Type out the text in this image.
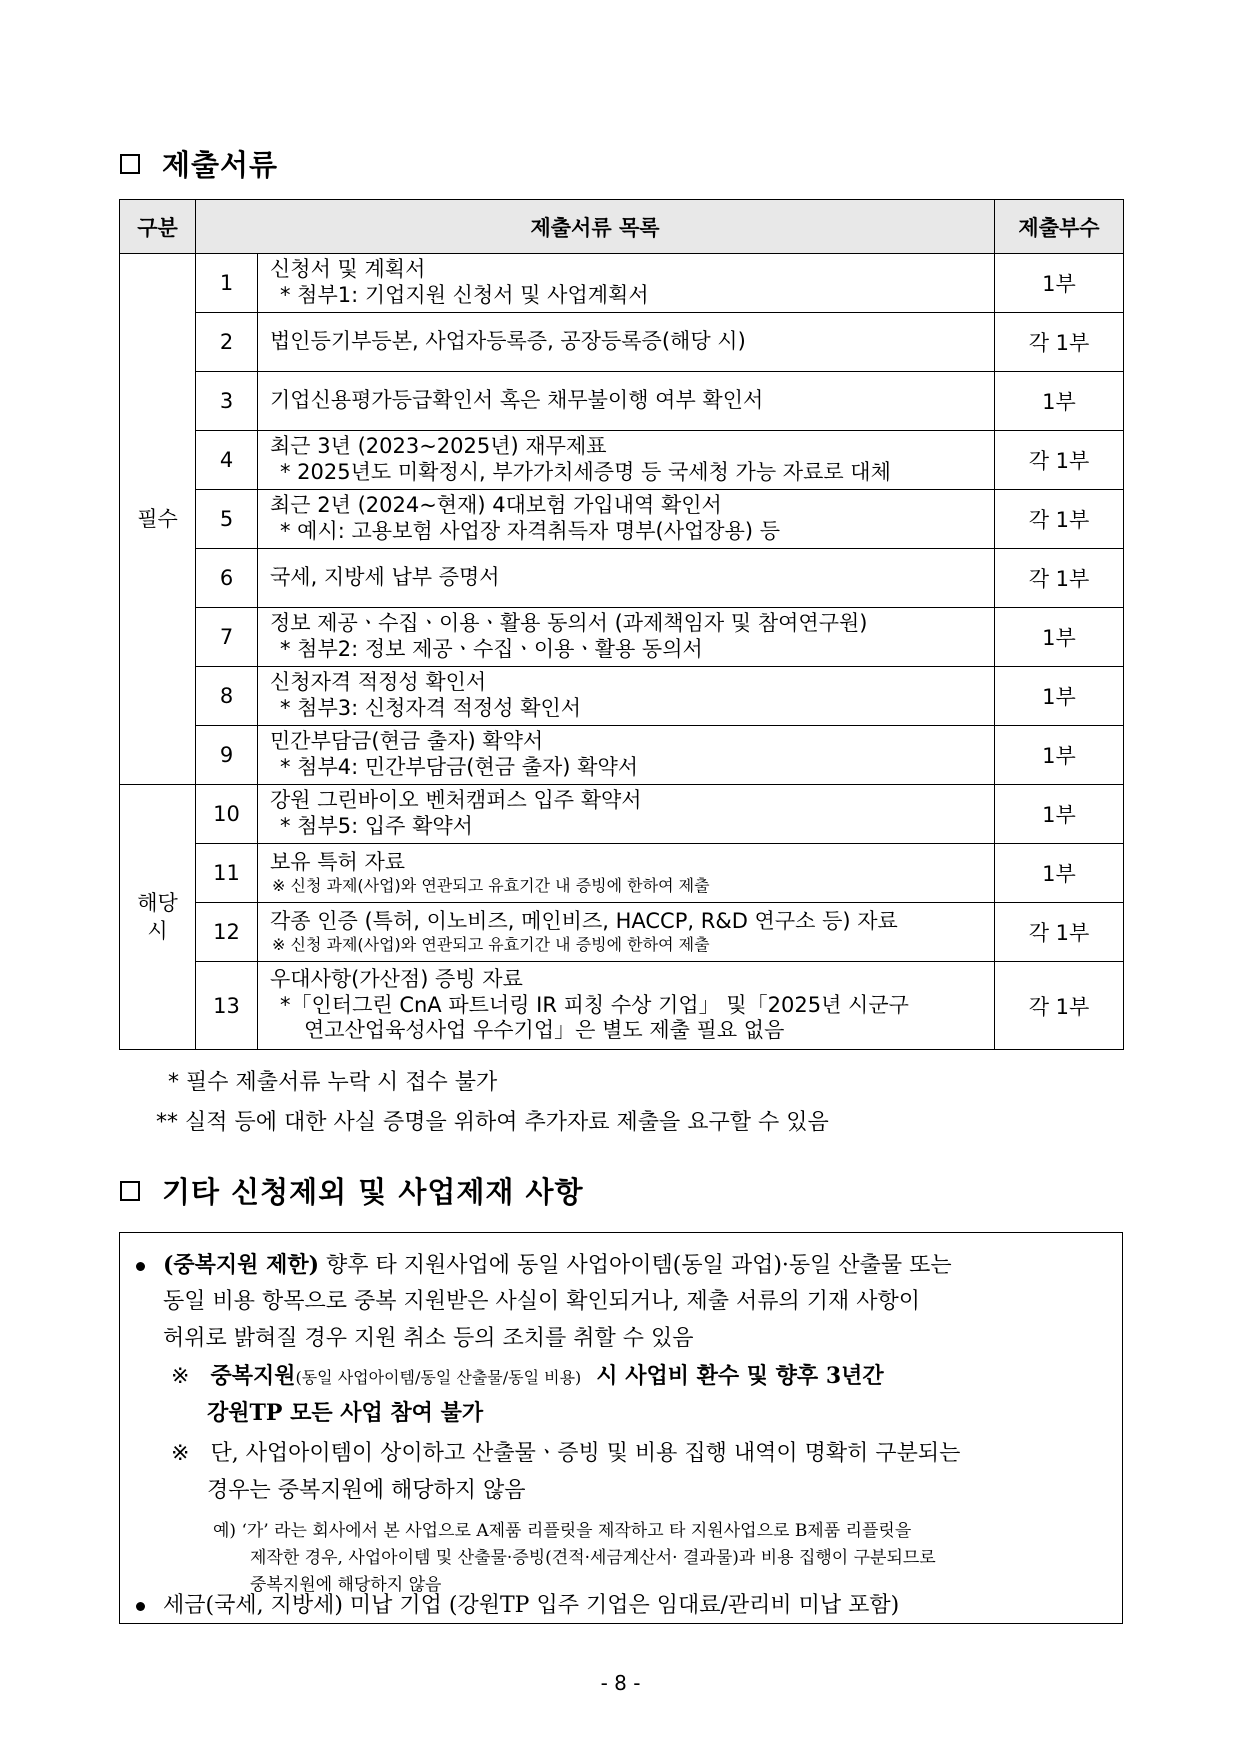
제출서류
구분	제출서류 목록		제출부수
필수	1	신청서 및 계획서
* 첨부1: 기업지원 신청서 및 사업계획서	1부
	2	법인등기부등본, 사업자등록증, 공장등록증(해당 시)	각 1부
	3	기업신용평가등급확인서 혹은 채무불이행 여부 확인서	1부
	4	최근 3년 (2023~2025년) 재무제표
* 2025년도 미확정시, 부가가치세증명 등 국세청 가능 자료로 대체	각 1부
	5	최근 2년 (2024~현재) 4대보험 가입내역 확인서
* 예시: 고용보험 사업장 자격취득자 명부(사업장용) 등	각 1부
	6	국세, 지방세 납부 증명서	각 1부
	7	정보 제공ㆍ수집ㆍ이용ㆍ활용 동의서 (과제책임자 및 참여연구원)
* 첨부2: 정보 제공ㆍ수집ㆍ이용ㆍ활용 동의서	1부
	8	신청자격 적정성 확인서
* 첨부3: 신청자격 적정성 확인서	1부
	9	민간부담금(현금 출자) 확약서
* 첨부4: 민간부담금(현금 출자) 확약서	1부
해당
시	10	강원 그린바이오 벤처캠퍼스 입주 확약서
* 첨부5: 입주 확약서	1부
	11	보유 특허 자료
※ 신청 과제(사업)와 연관되고 유효기간 내 증빙에 한하여 제출	1부
	12	각종 인증 (특허, 이노비즈, 메인비즈, HACCP, R&D 연구소 등) 자료
※ 신청 과제(사업)와 연관되고 유효기간 내 증빙에 한하여 제출	각 1부
	13	우대사항(가산점) 증빙 자료
*「인터그린 CnA 파트너링 IR 피칭 수상 기업」 및「2025년 시군구
연고산업육성사업 우수기업」은 별도 제출 필요 없음	각 1부
* 필수 제출서류 누락 시 접수 불가
** 실적 등에 대한 사실 증명을 위하여 추가자료 제출을 요구할 수 있음
기타 신청제외 및 사업제재 사항
(중복지원 제한) 향후 타 지원사업에 동일 사업아이템(동일 과업)·동일 산출물 또는
동일 비용 항목으로 중복 지원받은 사실이 확인되거나, 제출 서류의 기재 사항이
허위로 밝혀질 경우 지원 취소 등의 조치를 취할 수 있음
※ 중복지원(동일 사업아이템/동일 산출물/동일 비용) 시 사업비 환수 및 향후 3년간
강원TP 모든 사업 참여 불가
※ 단, 사업아이템이 상이하고 산출물ㆍ증빙 및 비용 집행 내역이 명확히 구분되는
경우는 중복지원에 해당하지 않음
예) ‘가’ 라는 회사에서 본 사업으로 A제품 리플릿을 제작하고 타 지원사업으로 B제품 리플릿을
제작한 경우, 사업아이템 및 산출물·증빙(견적·세금계산서· 결과물)과 비용 집행이 구분되므로
중복지원에 해당하지 않음
세금(국세, 지방세) 미납 기업 (강원TP 입주 기업은 임대료/관리비 미납 포함)
- 8 -
